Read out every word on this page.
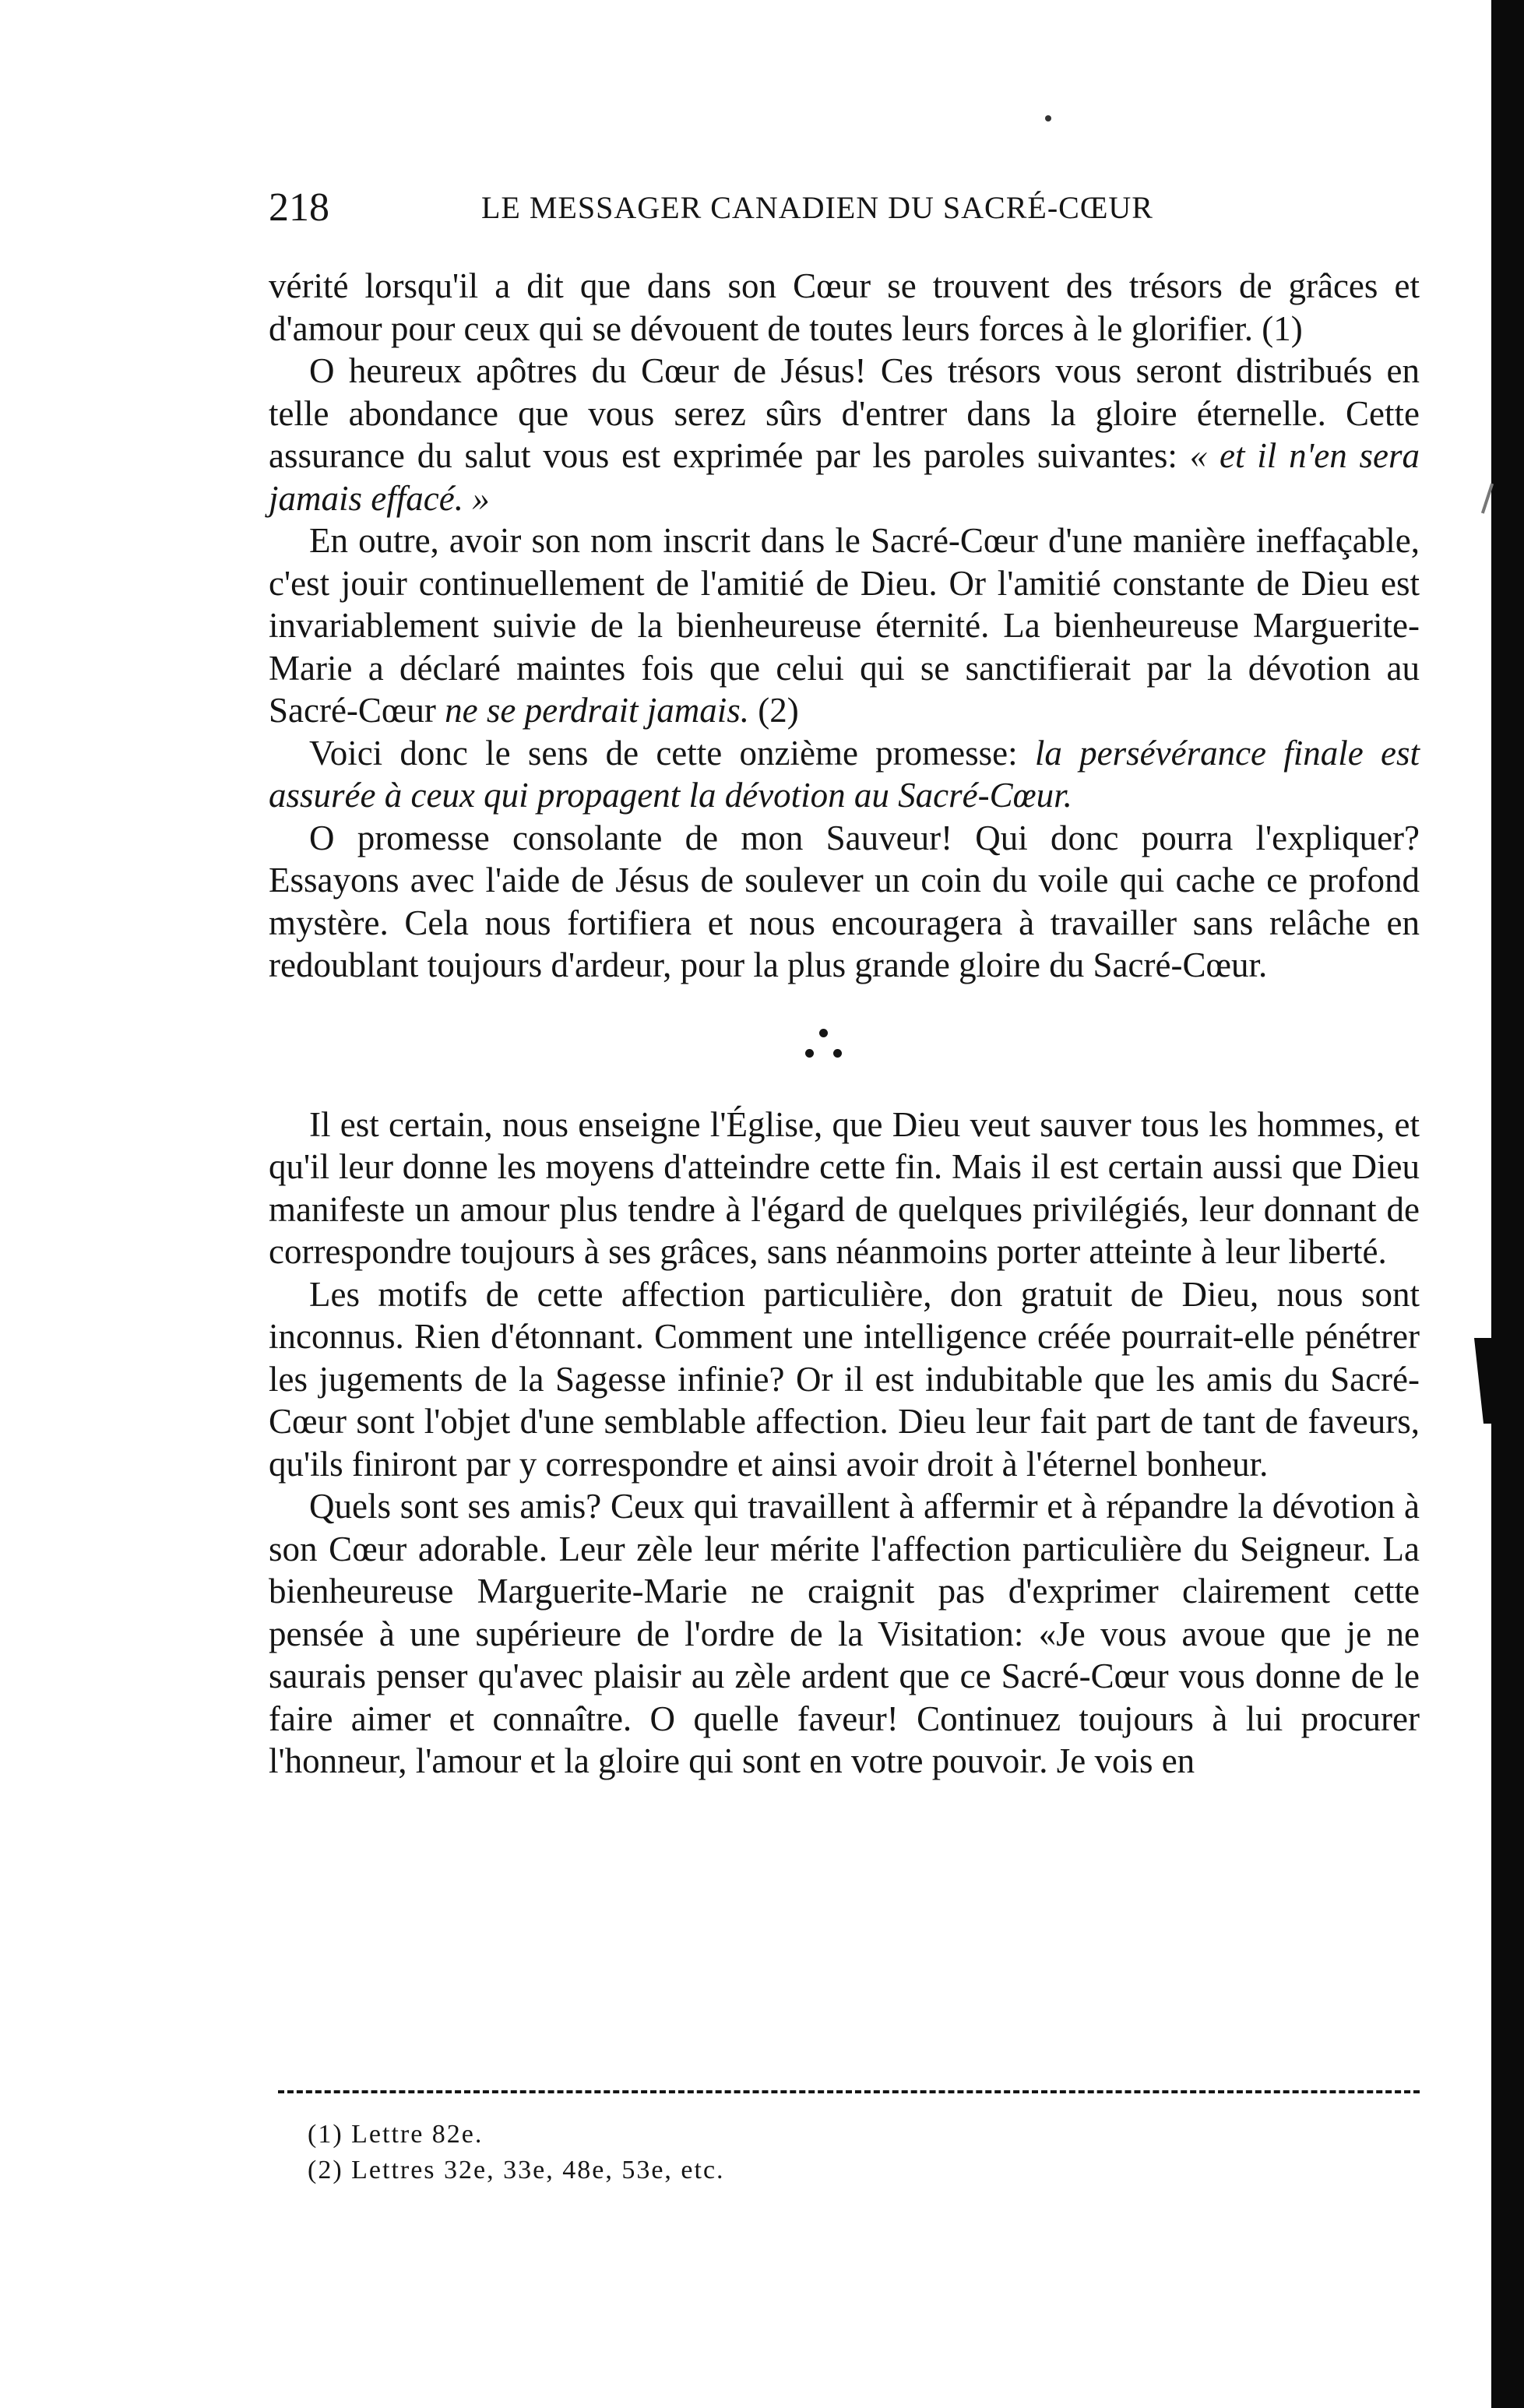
218	LE MESSAGER CANADIEN DU SACRÉ-CŒUR

vérité lorsqu'il a dit que dans son Cœur se trouvent des trésors de grâces et d'amour pour ceux qui se dévouent de toutes leurs forces à le glorifier. (1)

O heureux apôtres du Cœur de Jésus! Ces trésors vous seront distribués en telle abondance que vous serez sûrs d'entrer dans la gloire éternelle. Cette assurance du salut vous est exprimée par les paroles suivantes: « et il n'en sera jamais effacé. »

En outre, avoir son nom inscrit dans le Sacré-Cœur d'une manière ineffaçable, c'est jouir continuellement de l'amitié de Dieu. Or l'amitié constante de Dieu est invariablement suivie de la bienheureuse éternité. La bienheureuse Marguerite-Marie a déclaré maintes fois que celui qui se sanctifierait par la dévotion au Sacré-Cœur ne se perdrait jamais. (2)

Voici donc le sens de cette onzième promesse: la persévérance finale est assurée à ceux qui propagent la dévotion au Sacré-Cœur.

O promesse consolante de mon Sauveur! Qui donc pourra l'expliquer? Essayons avec l'aide de Jésus de soulever un coin du voile qui cache ce profond mystère. Cela nous fortifiera et nous encouragera à travailler sans relâche en redoublant toujours d'ardeur, pour la plus grande gloire du Sacré-Cœur.

Il est certain, nous enseigne l'Église, que Dieu veut sauver tous les hommes, et qu'il leur donne les moyens d'atteindre cette fin. Mais il est certain aussi que Dieu manifeste un amour plus tendre à l'égard de quelques privilégiés, leur donnant de correspondre toujours à ses grâces, sans néanmoins porter atteinte à leur liberté.

Les motifs de cette affection particulière, don gratuit de Dieu, nous sont inconnus. Rien d'étonnant. Comment une intelligence créée pourrait-elle pénétrer les jugements de la Sagesse infinie? Or il est indubitable que les amis du Sacré-Cœur sont l'objet d'une semblable affection. Dieu leur fait part de tant de faveurs, qu'ils finiront par y correspondre et ainsi avoir droit à l'éternel bonheur.

Quels sont ses amis? Ceux qui travaillent à affermir et à répandre la dévotion à son Cœur adorable. Leur zèle leur mérite l'affection particulière du Seigneur. La bienheureuse Marguerite-Marie ne craignit pas d'exprimer clairement cette pensée à une supérieure de l'ordre de la Visitation: «Je vous avoue que je ne saurais penser qu'avec plaisir au zèle ardent que ce Sacré-Cœur vous donne de le faire aimer et connaître. O quelle faveur! Continuez toujours à lui procurer l'honneur, l'amour et la gloire qui sont en votre pouvoir. Je vois en

(1) Lettre 82e.

(2) Lettres 32e, 33e, 48e, 53e, etc.
